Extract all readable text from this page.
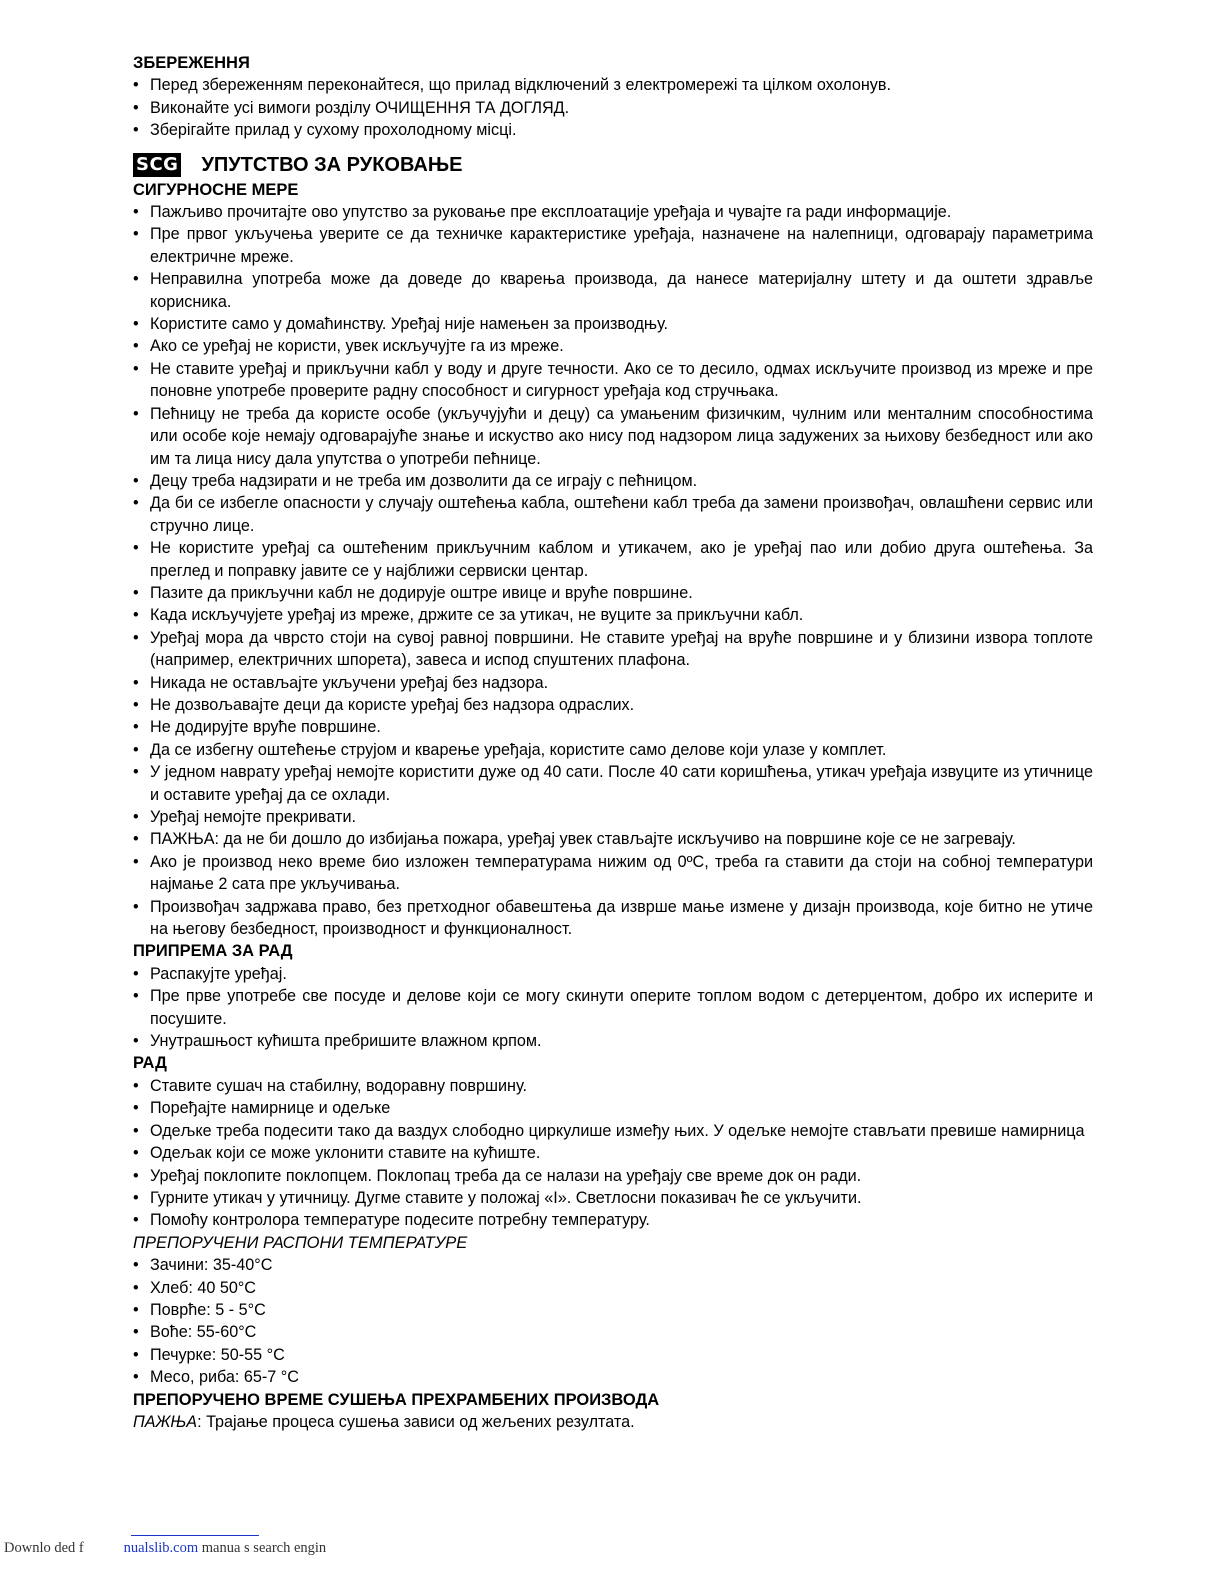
ЗБЕРЕЖЕННЯ
• Перед збереженням переконайтеся, що прилад відключений з електромережі та цілком охолонув.
• Виконайте усі вимоги розділу ОЧИЩЕННЯ ТА ДОГЛЯД.
• Зберігайте прилад у сухому прохолодному місці.
SCG УПУТСТВО ЗА РУКОВАЊЕ
СИГУРНОСНЕ МЕРЕ
• Пажљиво прочитајте ово упутство за руковање пре експлоатације уређаја и чувајте га ради информације.
• Пре првог укључења уверите се да техничке карактеристике уређаја, назначене на налепници, одговарају параметрима електричне мреже.
• Неправилна употреба може да доведе до кварења производа, да нанесе материјалну штету и да оштети здравље корисника.
• Користите само у домаћинству. Уређај није намењен за производњу.
• Ако се уређај не користи, увек искључујте га из мреже.
• Не ставите уређај и прикључни кабл у воду и друге течности. Ако се то десило, одмах искључите производ из мреже и пре поновне употребе проверите радну способност и сигурност уређаја код стручњака.
• Пећницу не треба да користе особе (укључујући и децу) са умањеним физичким, чулним или менталним способностима или особе које немају одговарајуће знање и искуство ако нису под надзором лица задужених за њихову безбедност или ако им та лица нису дала упутства о употреби пећнице.
• Децу треба надзирати и не треба им дозволити да се играју с пећницом.
• Да би се избегле опасности у случају оштећења кабла, оштећени кабл треба да замени произвођач, овлашћени сервис или стручно лице.
• Не користите уређај са оштећеним прикључним каблом и утикачем, ако је уређај пао или добио друга оштећења. За преглед и поправку јавите се у најближи сервиски центар.
• Пазите да прикључни кабл не додирује оштре ивице и вруће површине.
• Када искључујете уређај из мреже, држите се за утикач, не вуците за прикључни кабл.
• Уређај мора да чврсто стоји на сувој равној површини. Не ставите уређај на вруће површине и у близини извора топлоте (например, електричних шпорета), завеса и испод спуштених плафона.
• Никада не остављајте укључени уређај без надзора.
• Не дозвољавајте деци да користе уређај без надзора одраслих.
• Не додирујте вруће површине.
• Да се избегну оштећење струјом и кварење уређаја, користите само делове који улазе у комплет.
• У једном наврату уређај немојте користити дуже од 40 сати. После 40 сати коришћења, утикач уређаја извуците из утичнице и оставите уређај да се охлади.
• Уређај немојте прекривати.
• ПАЖЊА: да не би дошло до избијања пожара, уређај увек стављајте искључиво на површине које се не загревају.
• Ако је производ неко време био изложен температурама нижим од 0ºC, треба га ставити да стоји на собној температури најмање 2 сата пре укључивања.
• Произвођач задржава право, без претходног обавештења да изврше мање измене у дизајн производа, које битно не утиче на његову безбедност, производност и функционалност.
ПРИПРЕМА ЗА РАД
• Распакујте уређај.
• Пре прве употребе све посуде и делове који се могу скинути оперите топлом водом с детерџентом, добро их исперите и посушите.
• Унутрашњост кућишта пребришите влажном крпом.
РАД
• Ставите сушач на стабилну, водоравну површину.
• Поређајте намирнице и одељке
• Одељке треба подесити тако да ваздух слободно циркулише између њих. У одељке немојте стављати превише намирница
• Одељак који се може уклонити ставите на кућиште.
• Уређај поклопите поклопцем. Поклопац треба да се налази на уређају све време док он ради.
• Гурните утикач у утичницу. Дугме ставите у положај «I». Светлосни показивач ће се укључити.
• Помоћу контролора температуре подесите потребну температуру.
ПРЕПОРУЧЕНИ РАСПОНИ ТЕМПЕРАТУРЕ
• Зачини: 35-40°C
• Хлеб: 40 50°C
• Поврће: 5 - 5°C
• Воће: 55-60°C
• Печурке: 50-55 °C
• Месо, риба: 65-7 °C
ПРЕПОРУЧЕНО ВРЕМЕ СУШЕЊА ПРЕХРАМБЕНИХ ПРОИЗВОДА

ПАЖЊА: Трајање процеса сушења зависи од жељених резултата.

Downlo ded f	nualslib.com manua s search engin
